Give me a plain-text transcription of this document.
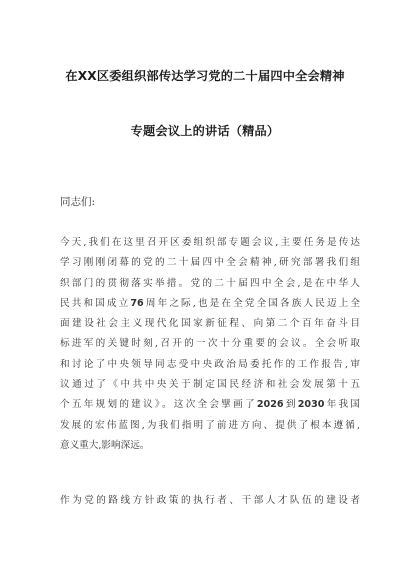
在XX区委组织部传达学习党的二十届四中全会精神
专题会议上的讲话（精品）
同志们:
今天,我们在这里召开区委组织部专题会议,主要任务是传达
学习刚刚闭幕的党的二十届四中全会精神,研究部署我们组
织部门的贯彻落实举措。党的二十届四中全会,是在中华人
民共和国成立76周年之际,也是在全党全国各族人民迈上全
面建设社会主义现代化国家新征程、向第二个百年奋斗目
标进军的关键时刻,召开的一次十分重要的会议。全会听取
和讨论了中央领导同志受中央政治局委托作的工作报告,审
议通过了《中共中央关于制定国民经济和社会发展第十五
个五年规划的建议》。这次全会擘画了2026到2030年我国
发展的宏伟蓝图,为我们指明了前进方向、提供了根本遵循,
意义重大,影响深远。
作为党的路线方针政策的执行者、干部人才队伍的建设者
